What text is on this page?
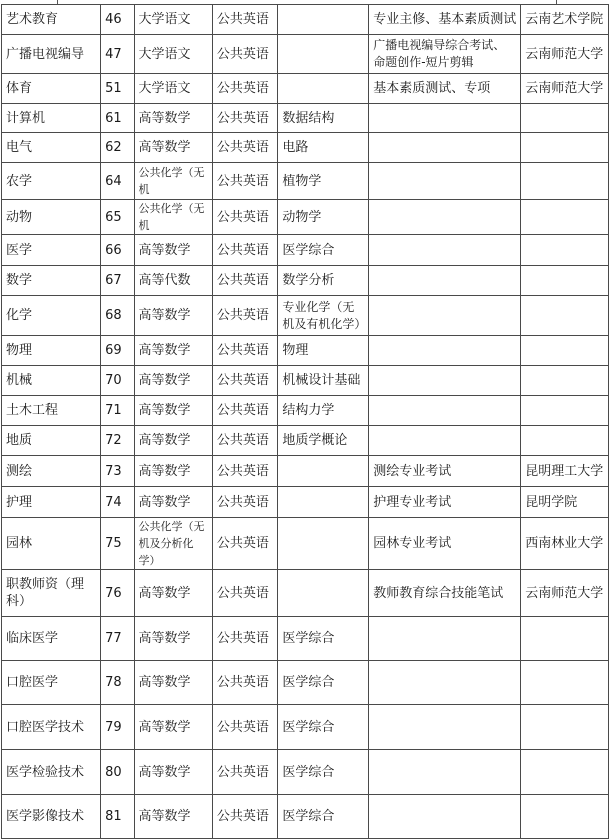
艺术教育	46	大学语文	公共英语		专业主修、基本素质测试	云南艺术学院
广播电视编导	47	大学语文	公共英语		广播电视编导综合考试、命题创作-短片剪辑	云南师范大学
体育	51	大学语文	公共英语		基本素质测试、专项	云南师范大学
计算机	61	高等数学	公共英语	数据结构		
电气	62	高等数学	公共英语	电路		
农学	64	公共化学（无机	公共英语	植物学		
动物	65	公共化学（无机	公共英语	动物学		
医学	66	高等数学	公共英语	医学综合		
数学	67	高等代数	公共英语	数学分析		
化学	68	高等数学	公共英语	专业化学（无机及有机化学）		
物理	69	高等数学	公共英语	物理		
机械	70	高等数学	公共英语	机械设计基础		
土木工程	71	高等数学	公共英语	结构力学		
地质	72	高等数学	公共英语	地质学概论		
测绘	73	高等数学	公共英语		测绘专业考试	昆明理工大学
护理	74	高等数学	公共英语		护理专业考试	昆明学院
园林	75	公共化学（无机及分析化学）	公共英语		园林专业考试	西南林业大学
职教师资（理科）	76	高等数学	公共英语		教师教育综合技能笔试	云南师范大学
临床医学	77	高等数学	公共英语	医学综合		
口腔医学	78	高等数学	公共英语	医学综合		
口腔医学技术	79	高等数学	公共英语	医学综合		
医学检验技术	80	高等数学	公共英语	医学综合		
医学影像技术	81	高等数学	公共英语	医学综合		
